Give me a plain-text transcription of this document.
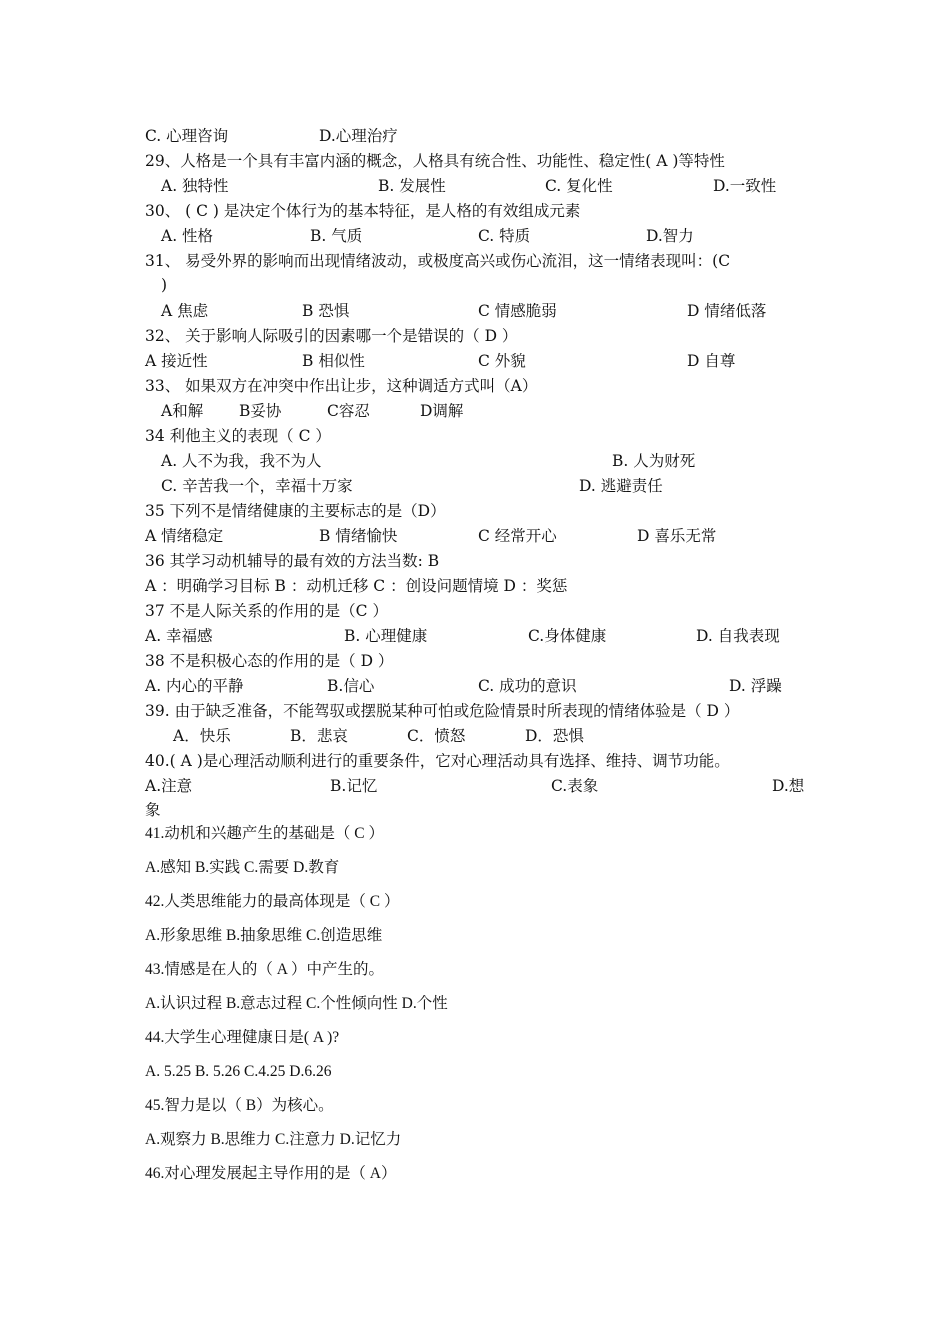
C. 心理咨询	D.心理治疗
29、人格是一个具有丰富内涵的概念，人格具有统合性、功能性、稳定性( A )等特性
A. 独特性	B. 发展性	C. 复化性	D.一致性
30、 ( C ) 是决定个体行为的基本特征，是人格的有效组成元素
A. 性格	B. 气质	C. 特质	D.智力
31、 易受外界的影响而出现情绪波动，或极度高兴或伤心流泪，这一情绪表现叫：(C
)
A 焦虑	B 恐惧	C 情感脆弱	D 情绪低落
32、 关于影响人际吸引的因素哪一个是错误的（ D ）
A 接近性	B 相似性	C 外貌	D 自尊
33、 如果双方在冲突中作出让步，这种调适方式叫（A）
A和解 B妥协	C容忍	D调解
34 利他主义的表现（ C ）
A. 人不为我，我不为人	B. 人为财死
C. 辛苦我一个，幸福十万家	D. 逃避责任
35 下列不是情绪健康的主要标志的是（D）
A 情绪稳定	B 情绪愉快	C 经常开心	D 喜乐无常
36 其学习动机辅导的最有效的方法当数: B
A ：明确学习目标 B ：动机迁移 C ：创设问题情境 D ：奖惩
37 不是人际关系的作用的是（C ）
A. 幸福感	B. 心理健康	C.身体健康	D. 自我表现
38 不是积极心态的作用的是（ D ）
A. 内心的平静	B.信心	C. 成功的意识	D. 浮躁
39. 由于缺乏准备，不能驾驭或摆脱某种可怕或危险情景时所表现的情绪体验是（ D ）
A．快乐	B．悲哀	C．愤怒	D．恐惧
40.( A )是心理活动顺利进行的重要条件，它对心理活动具有选择、维持、调节功能。
A.注意	B.记忆	C.表象	D.想
象
41.动机和兴趣产生的基础是（ C ）
A.感知 B.实践 C.需要 D.教育
42.人类思维能力的最高体现是（ C ）
A.形象思维 B.抽象思维 C.创造思维
43.情感是在人的（ A ）中产生的。
A.认识过程 B.意志过程 C.个性倾向性 D.个性
44.大学生心理健康日是( A )?
A. 5.25 B. 5.26 C.4.25 D.6.26
45.智力是以（ B）为核心。
A.观察力 B.思维力 C.注意力 D.记忆力
46.对心理发展起主导作用的是（ A）
